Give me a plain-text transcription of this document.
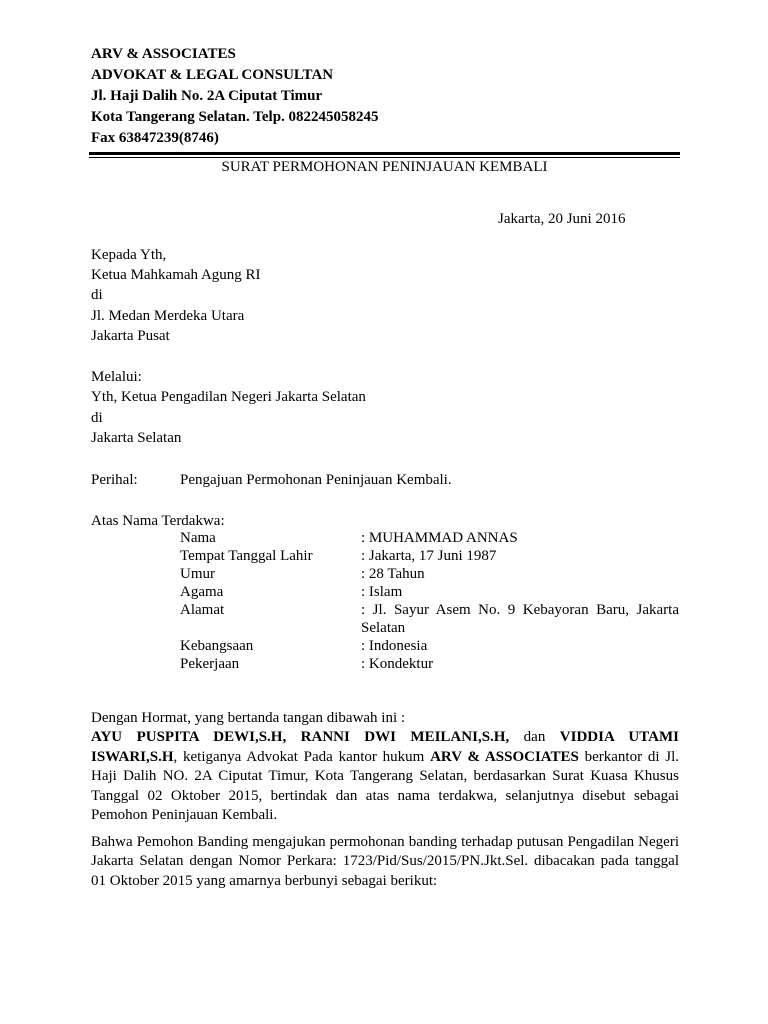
ARV & ASSOCIATES
ADVOKAT & LEGAL CONSULTAN
Jl. Haji Dalih No. 2A Ciputat Timur
Kota Tangerang Selatan. Telp. 082245058245
Fax 63847239(8746)
SURAT PERMOHONAN PENINJAUAN KEMBALI
Jakarta, 20 Juni 2016
Kepada Yth,
Ketua Mahkamah Agung RI
di
Jl. Medan Merdeka Utara
Jakarta Pusat
Melalui:
Yth, Ketua Pengadilan Negeri Jakarta Selatan
di
Jakarta Selatan
Perihal:	Pengajuan Permohonan Peninjauan Kembali.
Atas Nama Terdakwa:
Nama	: MUHAMMAD ANNAS
Tempat Tanggal Lahir	: Jakarta, 17 Juni 1987
Umur	: 28 Tahun
Agama	: Islam
Alamat	: Jl. Sayur Asem No. 9 Kebayoran Baru, Jakarta Selatan
Kebangsaan	: Indonesia
Pekerjaan	: Kondektur
Dengan Hormat, yang bertanda tangan dibawah ini :
AYU PUSPITA DEWI,S.H, RANNI DWI MEILANI,S.H, dan VIDDIA UTAMI ISWARI,S.H, ketiganya Advokat Pada kantor hukum ARV & ASSOCIATES berkantor di Jl. Haji Dalih NO. 2A Ciputat Timur, Kota Tangerang Selatan, berdasarkan Surat Kuasa Khusus Tanggal 02 Oktober 2015, bertindak dan atas nama terdakwa, selanjutnya disebut sebagai Pemohon Peninjauan Kembali.
Bahwa Pemohon Banding mengajukan permohonan banding terhadap putusan Pengadilan Negeri Jakarta Selatan dengan Nomor Perkara: 1723/Pid/Sus/2015/PN.Jkt.Sel. dibacakan pada tanggal 01 Oktober 2015 yang amarnya berbunyi sebagai berikut:
